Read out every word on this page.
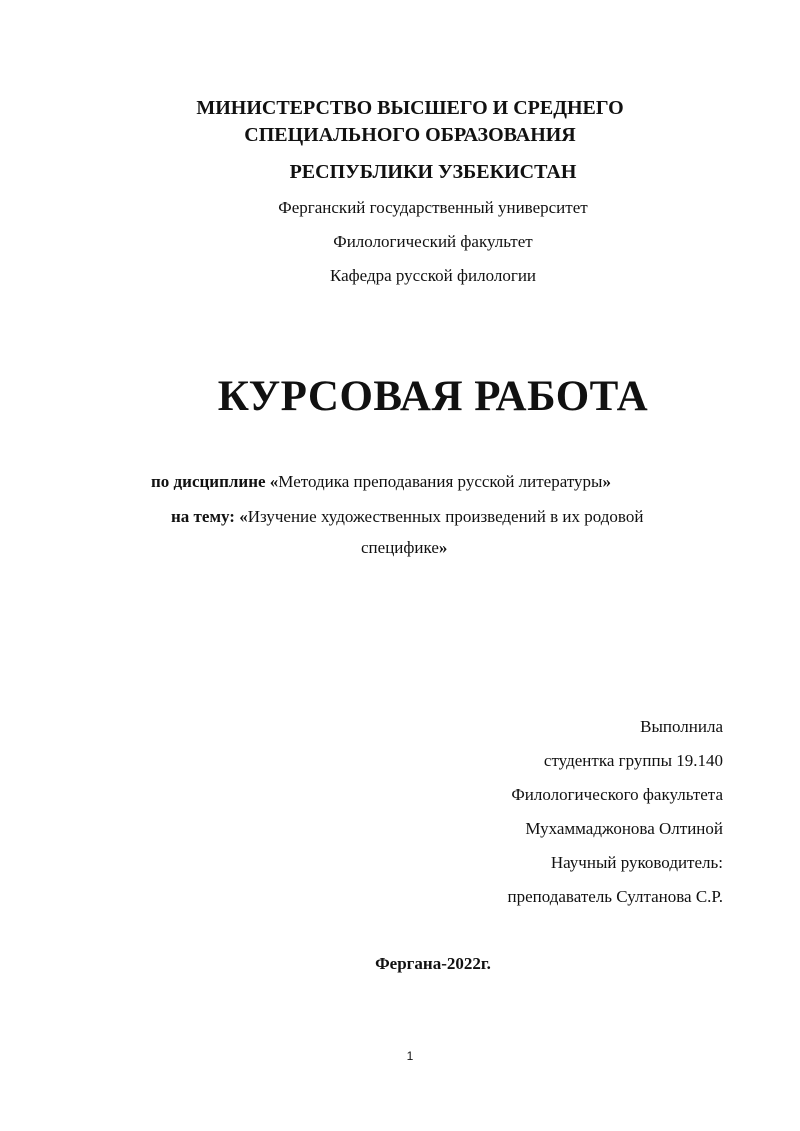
МИНИСТЕРСТВО ВЫСШЕГО И СРЕДНЕГО
СПЕЦИАЛЬНОГО ОБРАЗОВАНИЯ
РЕСПУБЛИКИ УЗБЕКИСТАН
Ферганский государственный университет
Филологический факультет
Кафедра русской филологии
КУРСОВАЯ РАБОТА
по дисциплине «Методика преподавания русской литературы»
на тему: «Изучение художественных произведений в их родовой
специфике»
Выполнила
студентка группы 19.140
Филологического факультета
Мухаммаджонова Олтиной
Научный руководитель:
преподаватель Султанова С.Р.
Фергана-2022г.
1
